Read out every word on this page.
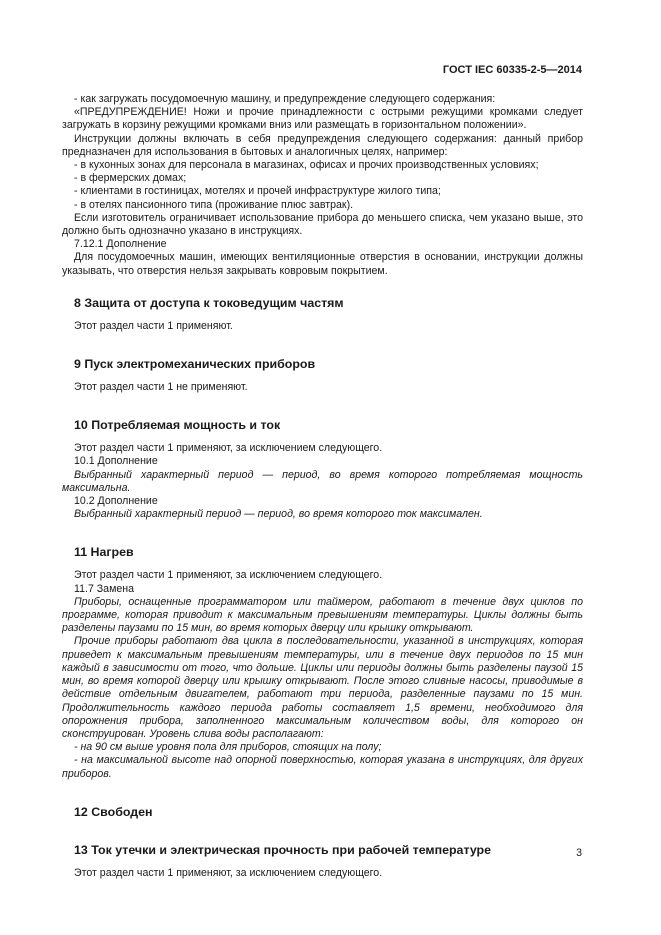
ГОСТ IEC 60335-2-5—2014

- как загружать посудомоечную машину, и предупреждение следующего содержания:

«ПРЕДУПРЕЖДЕНИЕ! Ножи и прочие принадлежности с острыми режущими кромками следует загружать в корзину режущими кромками вниз или размещать в горизонтальном положении».

Инструкции должны включать в себя предупреждения следующего содержания: данный прибор предназначен для использования в бытовых и аналогичных целях, например:

- в кухонных зонах для персонала в магазинах, офисах и прочих производственных условиях;

- в фермерских домах;

- клиентами в гостиницах, мотелях и прочей инфраструктуре жилого типа;

- в отелях пансионного типа (проживание плюс завтрак).

Если изготовитель ограничивает использование прибора до меньшего списка, чем указано выше, это должно быть однозначно указано в инструкциях.

7.12.1 Дополнение

Для посудомоечных машин, имеющих вентиляционные отверстия в основании, инструкции должны указывать, что отверстия нельзя закрывать ковровым покрытием.

8 Защита от доступа к токоведущим частям

Этот раздел части 1 применяют.

9 Пуск электромеханических приборов

Этот раздел части 1 не применяют.

10 Потребляемая мощность и ток

Этот раздел части 1 применяют, за исключением следующего.

10.1 Дополнение

Выбранный характерный период — период, во время которого потребляемая мощность максимальна.

10.2 Дополнение

Выбранный характерный период — период, во время которого ток максимален.

11 Нагрев

Этот раздел части 1 применяют, за исключением следующего.

11.7 Замена

Приборы, оснащенные программатором или таймером, работают в течение двух циклов по программе, которая приводит к максимальным превышениям температуры. Циклы должны быть разделены паузами по 15 мин, во время которых дверцу или крышку открывают.

Прочие приборы работают два цикла в последовательности, указанной в инструкциях, которая приведет к максимальным превышениям температуры, или в течение двух периодов по 15 мин каждый в зависимости от того, что дольше. Циклы или периоды должны быть разделены паузой 15 мин, во время которой дверцу или крышку открывают. После этого сливные насосы, приводимые в действие отдельным двигателем, работают три периода, разделенные паузами по 15 мин. Продолжительность каждого периода работы составляет 1,5 времени, необходимого для опорожнения прибора, заполненного максимальным количеством воды, для которого он сконструирован. Уровень слива воды располагают:

- на 90 см выше уровня пола для приборов, стоящих на полу;

- на максимальной высоте над опорной поверхностью, которая указана в инструкциях, для других приборов.

12 Свободен
13 Ток утечки и электрическая прочность при рабочей температуре

Этот раздел части 1 применяют, за исключением следующего.

3
